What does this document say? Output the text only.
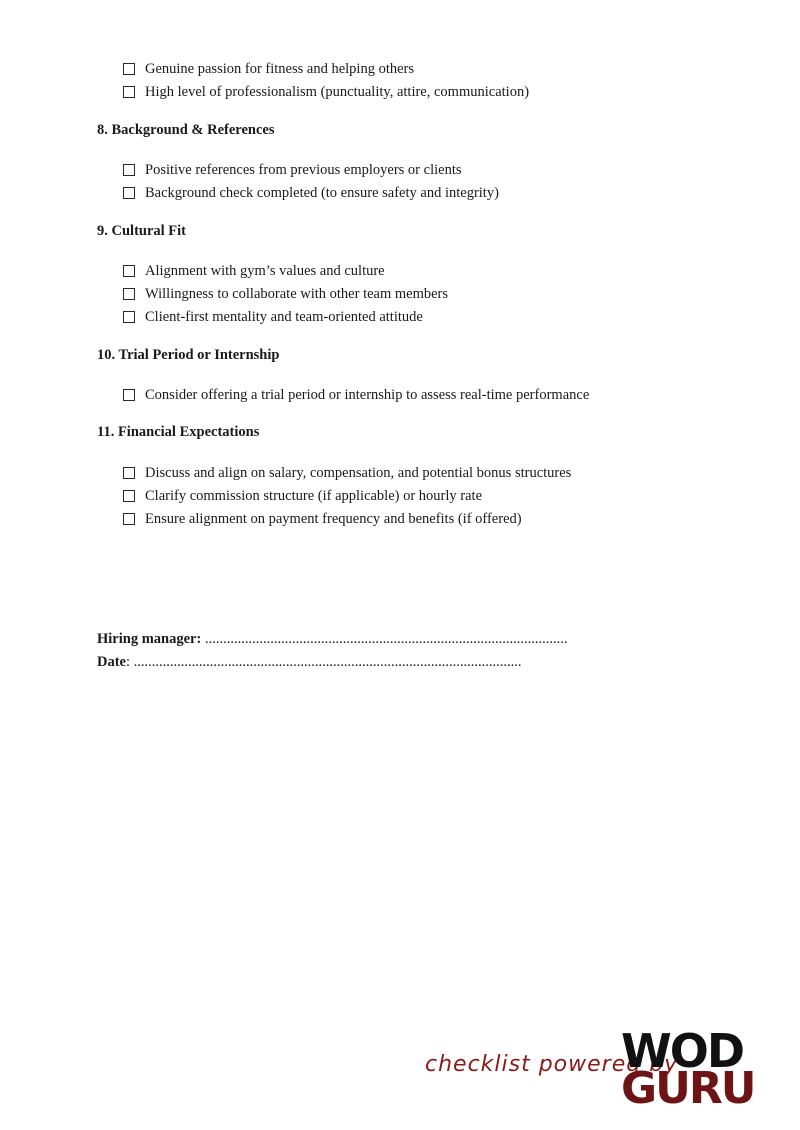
Genuine passion for fitness and helping others
High level of professionalism (punctuality, attire, communication)
8. Background & References
Positive references from previous employers or clients
Background check completed (to ensure safety and integrity)
9. Cultural Fit
Alignment with gym’s values and culture
Willingness to collaborate with other team members
Client-first mentality and team-oriented attitude
10. Trial Period or Internship
Consider offering a trial period or internship to assess real-time performance
11. Financial Expectations
Discuss and align on salary, compensation, and potential bonus structures
Clarify commission structure (if applicable) or hourly rate
Ensure alignment on payment frequency and benefits (if offered)
Hiring manager: ....................................................................................................
Date: ...........................................................................................................
checklist powered by
WOD
GURU
